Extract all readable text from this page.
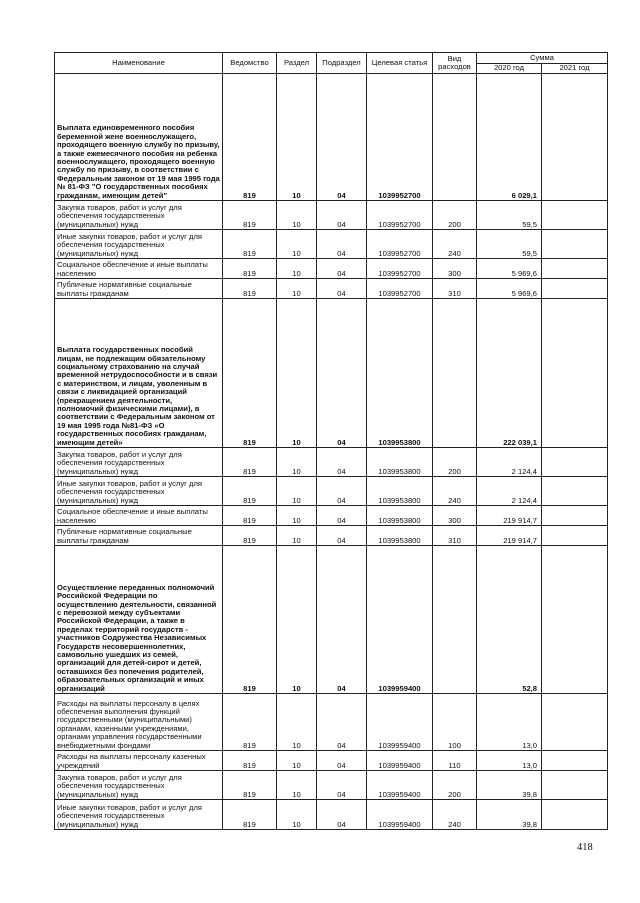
Наименование	Ведомство	Раздел	Подраздел	Целевая статья	Вид расходов	Сумма	
						2020 год	2021 год
Выплата единовременного пособия беременной жене военнослужащего, проходящего военную службу по призыву, а также ежемесячного пособия на ребенка военнослужащего, проходящего военную службу по призыву, в соответствии с Федеральным законом от 19 мая 1995 года № 81-ФЗ "О государственных пособиях гражданам, имеющим детей"	819	10	04	1039952700		6 029,1	
Закупка товаров, работ и услуг для обеспечения государственных (муниципальных) нужд	819	10	04	1039952700	200	59,5	
Иные закупки товаров, работ и услуг для обеспечения государственных (муниципальных) нужд	819	10	04	1039952700	240	59,5	
Социальное обеспечение и иные выплаты населению	819	10	04	1039952700	300	5 969,6	
Публичные нормативные социальные выплаты гражданам	819	10	04	1039952700	310	5 969,6	
Выплата государственных пособий лицам, не подлежащим обязательному социальному страхованию на случай временной нетрудоспособности и в связи с материнством, и лицам, уволенным в связи с ликвидацией организаций (прекращением деятельности, полномочий физическими лицами), в соответствии с Федеральным законом от 19 мая 1995 года №81-ФЗ «О государственных пособиях гражданам, имеющим детей»	819	10	04	1039953800		222 039,1	
Закупка товаров, работ и услуг для обеспечения государственных (муниципальных) нужд	819	10	04	1039953800	200	2 124,4	
Иные закупки товаров, работ и услуг для обеспечения государственных (муниципальных) нужд	819	10	04	1039953800	240	2 124,4	
Социальное обеспечение и иные выплаты населению	819	10	04	1039953800	300	219 914,7	
Публичные нормативные социальные выплаты гражданам	819	10	04	1039953800	310	219 914,7	
Осуществление переданных полномочий Российской Федерации по осуществлению деятельности, связанной с перевозкой между субъектами Российской Федерации, а также в пределах территорий государств - участников Содружества Независимых Государств несовершеннолетних, самовольно ушедших из семей, организаций для детей-сирот и детей, оставшихся без попечения родителей, образовательных организаций и иных организаций	819	10	04	1039959400		52,8	
Расходы на выплаты персоналу в целях обеспечения выполнения функций государственными (муниципальными) органами, казенными учреждениями, органами управления государственными внебюджетными фондами	819	10	04	1039959400	100	13,0	
Расходы на выплаты персоналу казенных учреждений	819	10	04	1039959400	110	13,0	
Закупка товаров, работ и услуг для обеспечения государственных (муниципальных) нужд	819	10	04	1039959400	200	39,8	
Иные закупки товаров, работ и услуг для обеспечения государственных (муниципальных) нужд	819	10	04	1039959400	240	39,8	
418
